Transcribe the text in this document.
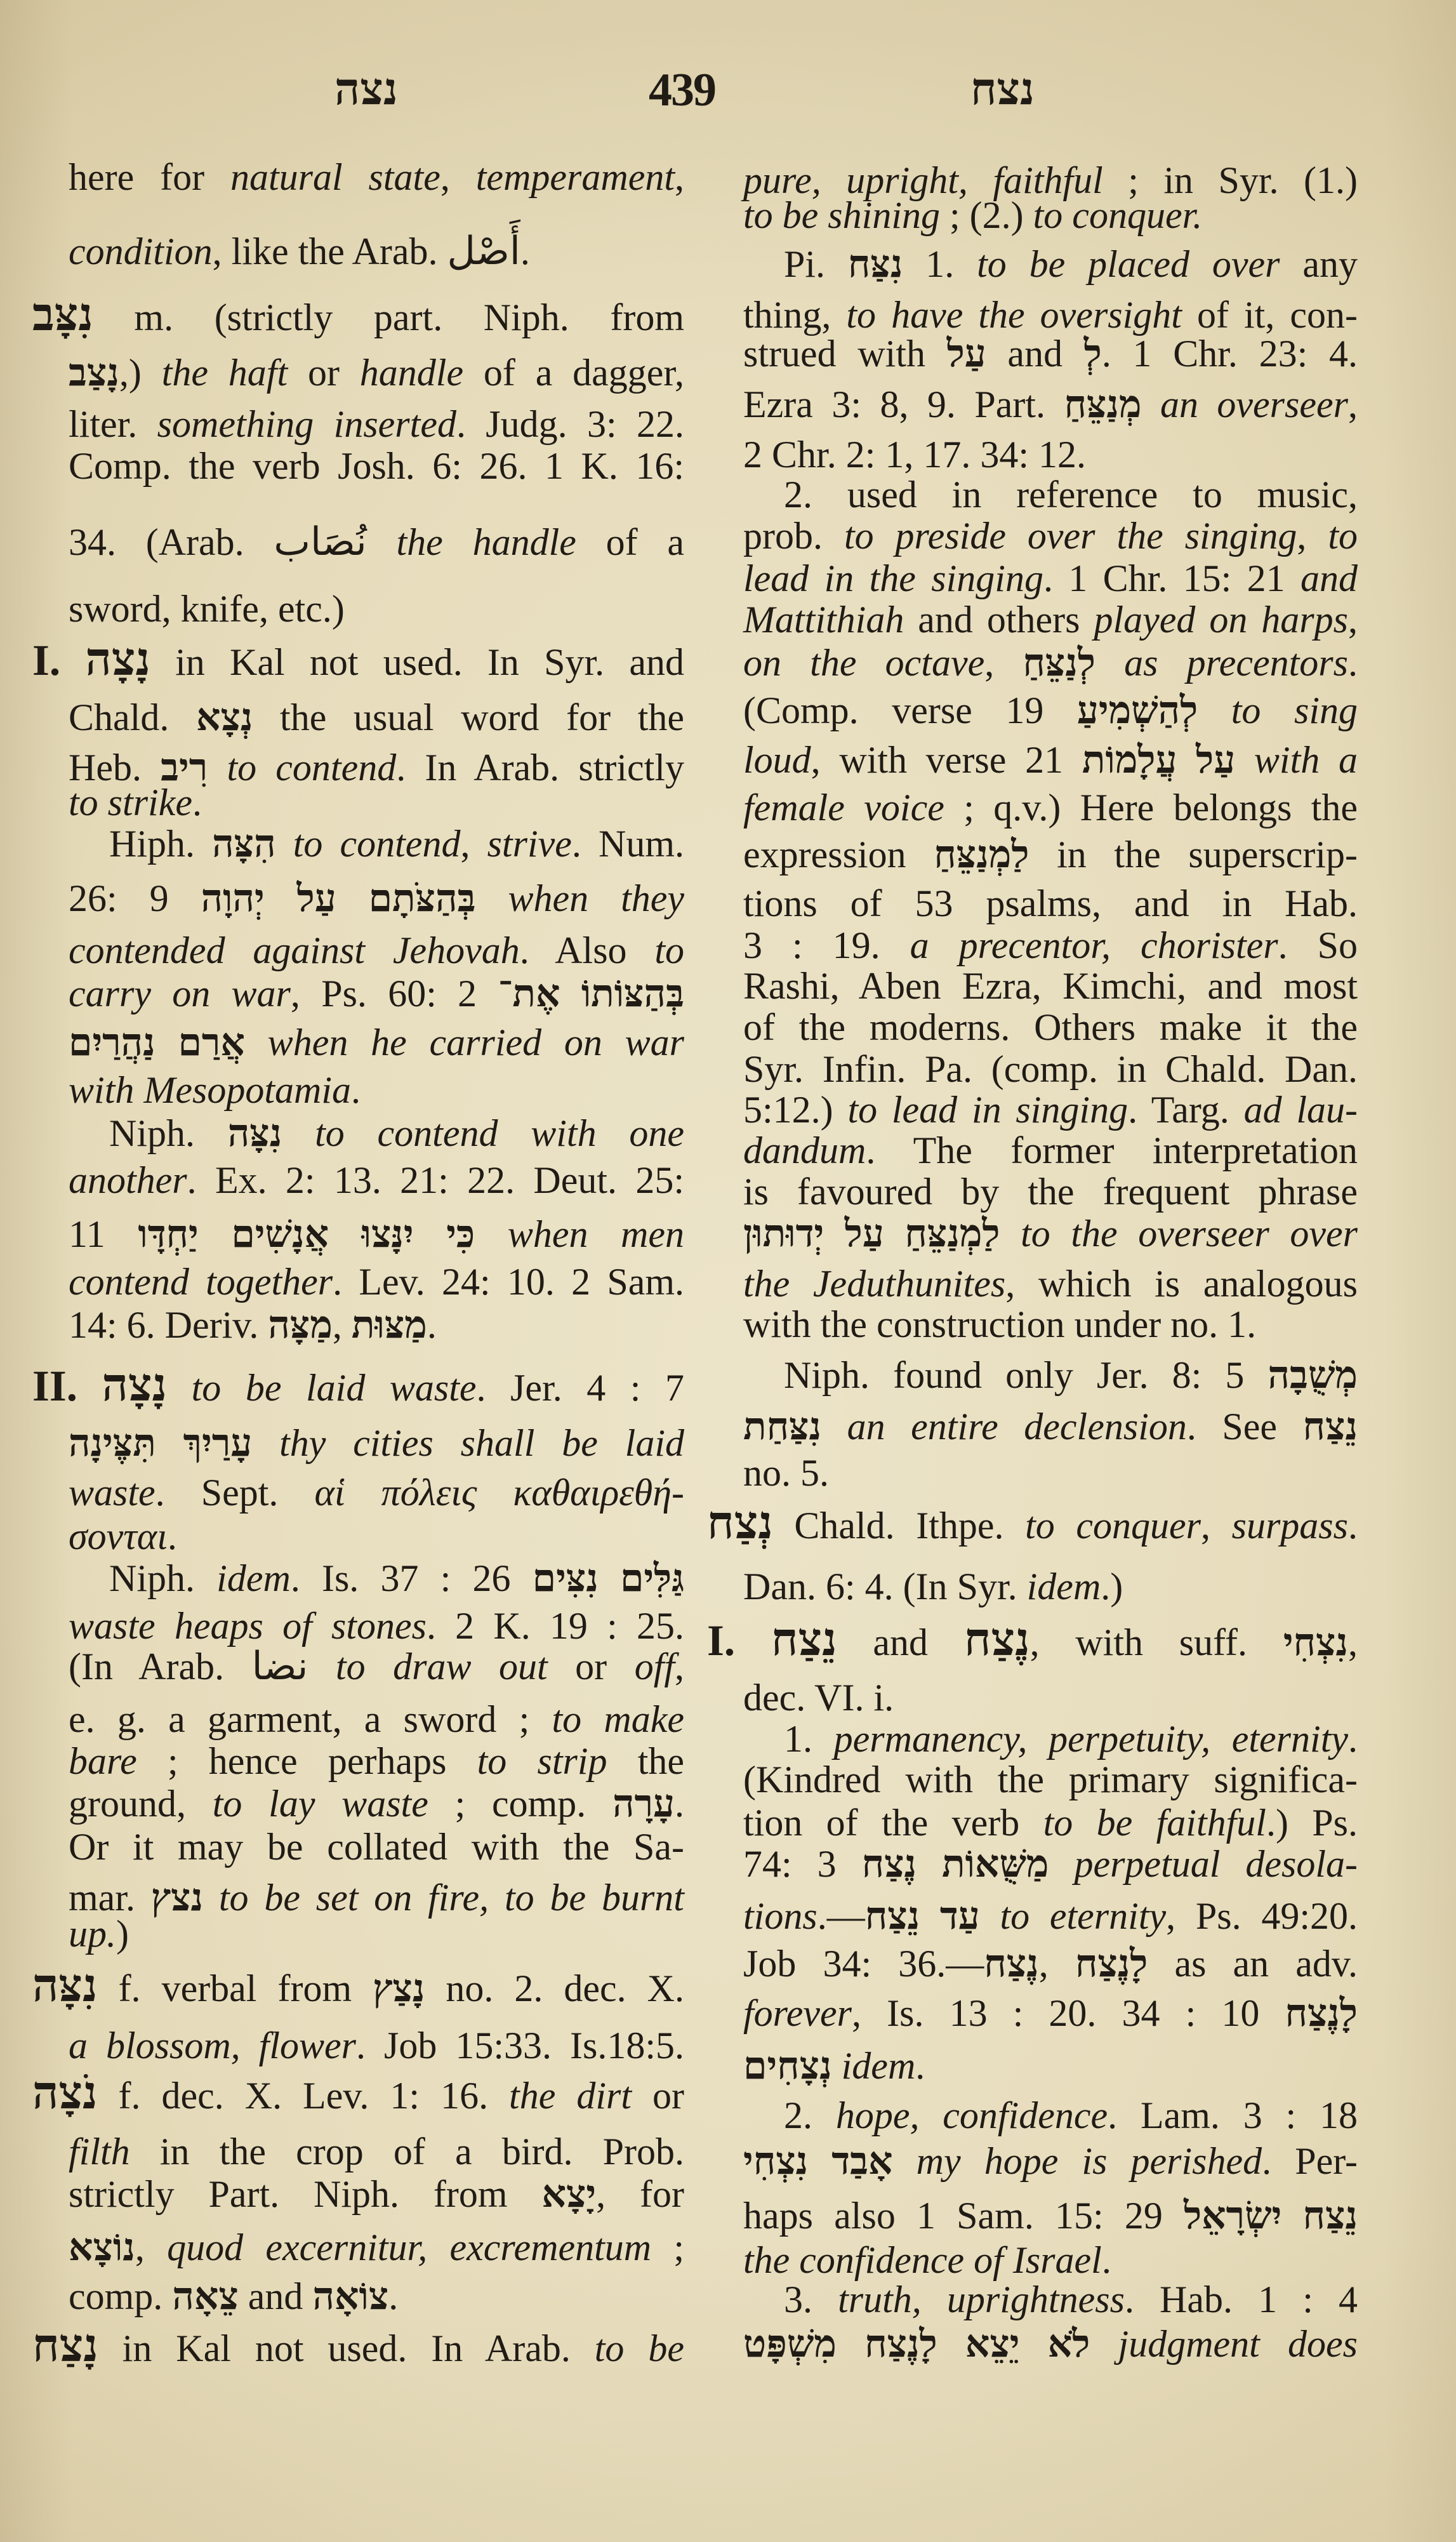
נצה	439	נצח
here for natural state, temperament,
condition, like the Arab. أَصْل.
נִצָּב m. (strictly part. Niph. from
נָצַב,) the haft or handle of a dagger,
liter. something inserted. Judg. 3: 22.
Comp. the verb Josh. 6: 26. 1 K. 16:
34. (Arab. نُصَاب the handle of a
sword, knife, etc.)
I. נָצָה in Kal not used. In Syr. and
Chald. נְצָא the usual word for the
Heb. רִיב to contend. In Arab. strictly
to strike.
Hiph. הִצָּה to contend, strive. Num.
26: 9 בְּהַצֹּתָם עַל יְהוָה when they
contended against Jehovah. Also to
carry on war, Ps. 60: 2 בְּהַצּוֹתוֹ אֶת־
אֲרַם נַהֲרַיִם when he carried on war
with Mesopotamia.
Niph. נִצָּה to contend with one
another. Ex. 2: 13. 21: 22. Deut. 25:
11 כִּי יִנָּצוּ אֲנָשִׁים יַחְדָּו when men
contend together. Lev. 24: 10. 2 Sam.
14: 6. Deriv. מַצָּה, מַצּוּת.
II. נָצָה to be laid waste. Jer. 4 : 7
עָרַיִךְ תִּצֶּינָה thy cities shall be laid
waste. Sept. αἱ πόλεις καθαιρεθή-
σονται.
Niph. idem. Is. 37 : 26 גַּלִּים נִצִּים
waste heaps of stones. 2 K. 19 : 25.
(In Arab. نضا to draw out or off,
e. g. a garment, a sword ; to make
bare ; hence perhaps to strip the
ground, to lay waste ; comp. עָרָה.
Or it may be collated with the Sa-
mar. נצץ to be set on fire, to be burnt
up.)
נִצָּה f. verbal from נָצַץ no. 2. dec. X.
a blossom, flower. Job 15:33. Is.18:5.
נֹצָה f. dec. X. Lev. 1: 16. the dirt or
filth in the crop of a bird. Prob.
strictly Part. Niph. from יָצָא, for
נוֹצָא, quod excernitur, excrementum ;
comp. צֵאָה and צוֹאָה.
נָצַח in Kal not used. In Arab. to be
pure, upright, faithful ; in Syr. (1.)
to be shining ; (2.) to conquer.
Pi. נִצַּח 1. to be placed over any
thing, to have the oversight of it, con-
strued with עַל and לְ. 1 Chr. 23: 4.
Ezra 3: 8, 9. Part. מְנַצֵּחַ an overseer,
2 Chr. 2: 1, 17. 34: 12.
2. used in reference to music,
prob. to preside over the singing, to
lead in the singing. 1 Chr. 15: 21 and
Mattithiah and others played on harps,
on the octave, לְנַצֵּחַ as precentors.
(Comp. verse 19 לְהַשְׁמִיעַ to sing
loud, with verse 21 עַל עֲלָמוֹת with a
female voice ; q.v.) Here belongs the
expression לַמְנַצֵּחַ in the superscrip-
tions of 53 psalms, and in Hab.
3 : 19. a precentor, chorister. So
Rashi, Aben Ezra, Kimchi, and most
of the moderns. Others make it the
Syr. Infin. Pa. (comp. in Chald. Dan.
5:12.) to lead in singing. Targ. ad lau-
dandum. The former interpretation
is favoured by the frequent phrase
לַמְנַצֵּחַ עַל יְדוּתוּן to the overseer over
the Jeduthunites, which is analogous
with the construction under no. 1.
Niph. found only Jer. 8: 5 מְשֻׁבָה
נִצַּחַת an entire declension. See נֵצַח
no. 5.
נְצַח Chald. Ithpe. to conquer, surpass.
Dan. 6: 4. (In Syr. idem.)
I. נֵצַח and נֶצַח, with suff. נִצְחִי,
dec. VI. i.
1. permanency, perpetuity, eternity.
(Kindred with the primary significa-
tion of the verb to be faithful.) Ps.
74: 3 מַשֻּׁאוֹת נֶצַח perpetual desola-
tions.—עַד נֵצַח to eternity, Ps. 49:20.
Job 34: 36.—נֶצַח, לָנֶצַח as an adv.
forever, Is. 13 : 20. 34 : 10 לָנֶצַח
נְצָחִים idem.
2. hope, confidence. Lam. 3 : 18
אָבַד נִצְחִי my hope is perished. Per-
haps also 1 Sam. 15: 29 נֵצַח יִשְׂרָאֵל
the confidence of Israel.
3. truth, uprightness. Hab. 1 : 4
לֹא יֵצֵא לָנֶצַח מִשְׁפָּט judgment does
